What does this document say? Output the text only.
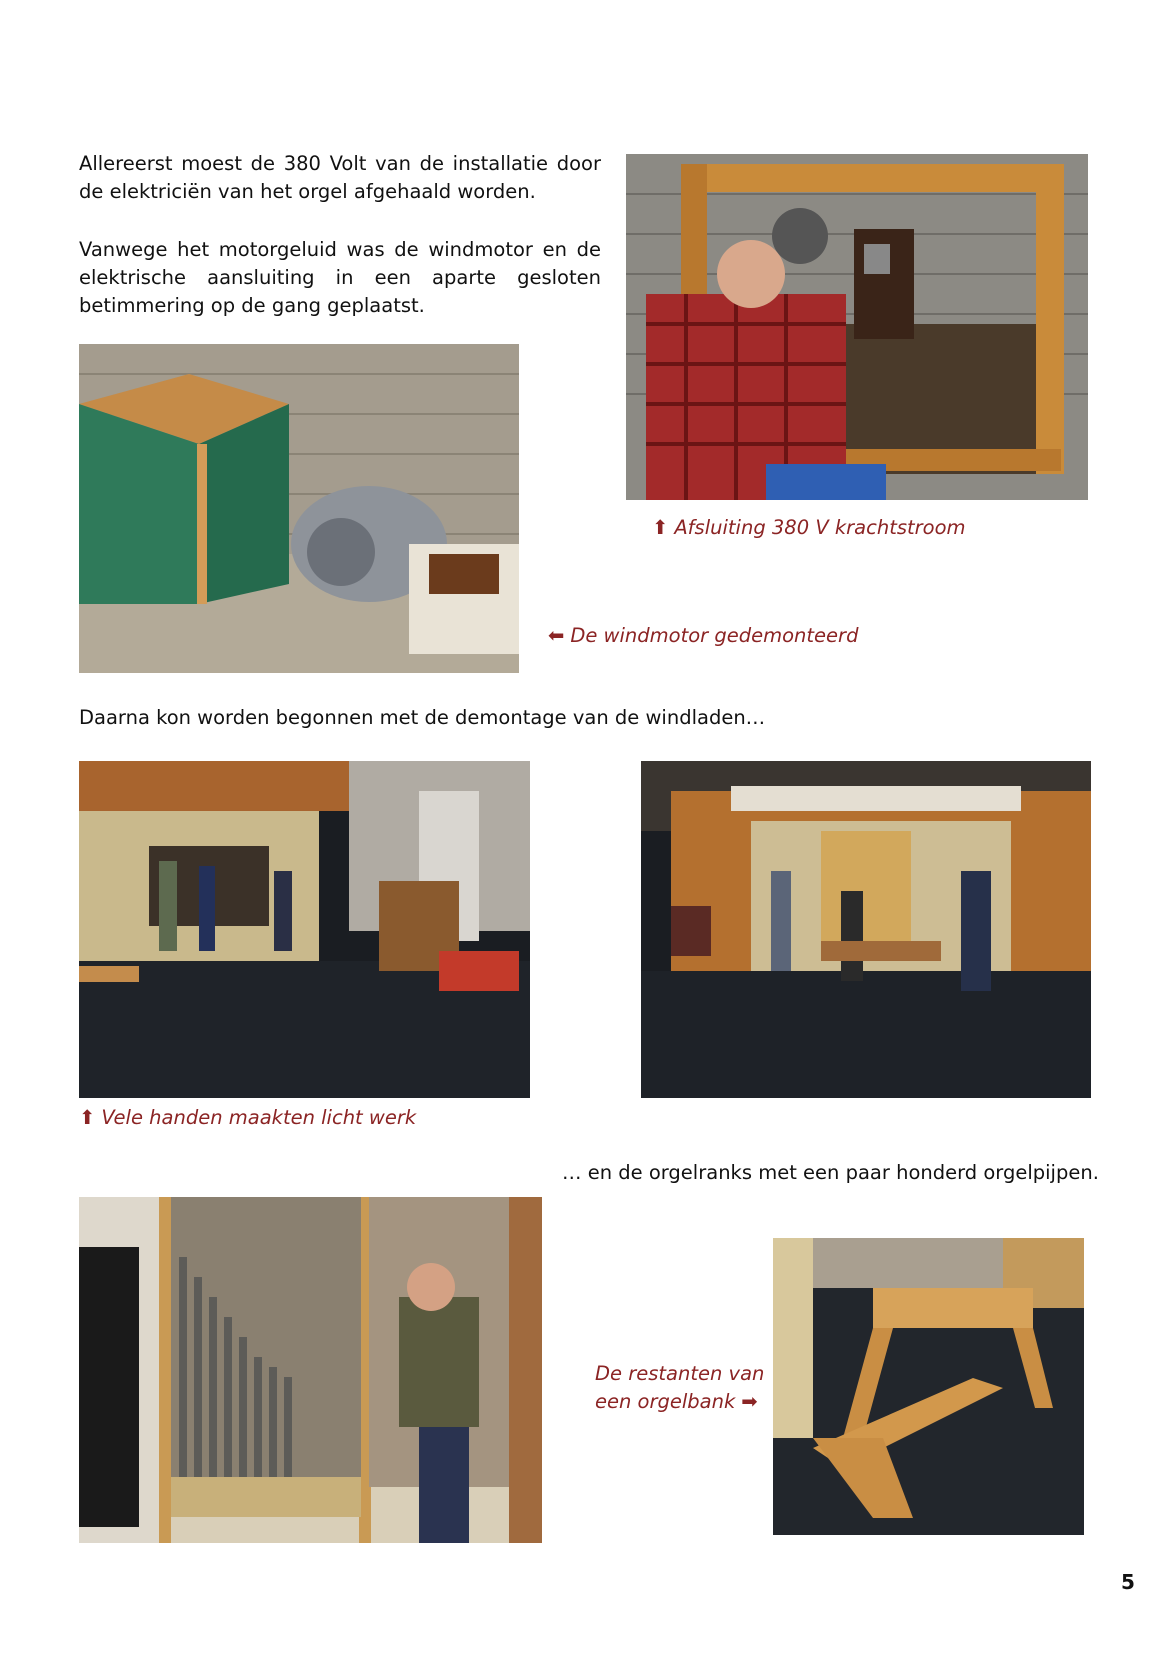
Allereerst moest de 380 Volt van de installatie door de elektriciën van het orgel afgehaald worden.

Vanwege het motorgeluid was de windmotor en de elektrische aansluiting in een aparte gesloten betimmering op de gang geplaatst.

Daarna kon worden begonnen met de demontage van de windladen…

… en de orgelranks met een paar honderd orgelpijpen.

⬆ Afsluiting 380 V krachtstroom
⬅ De windmotor gedemonteerd
⬆ Vele handen maakten licht werk
De restanten van
een orgelbank ➡
5
